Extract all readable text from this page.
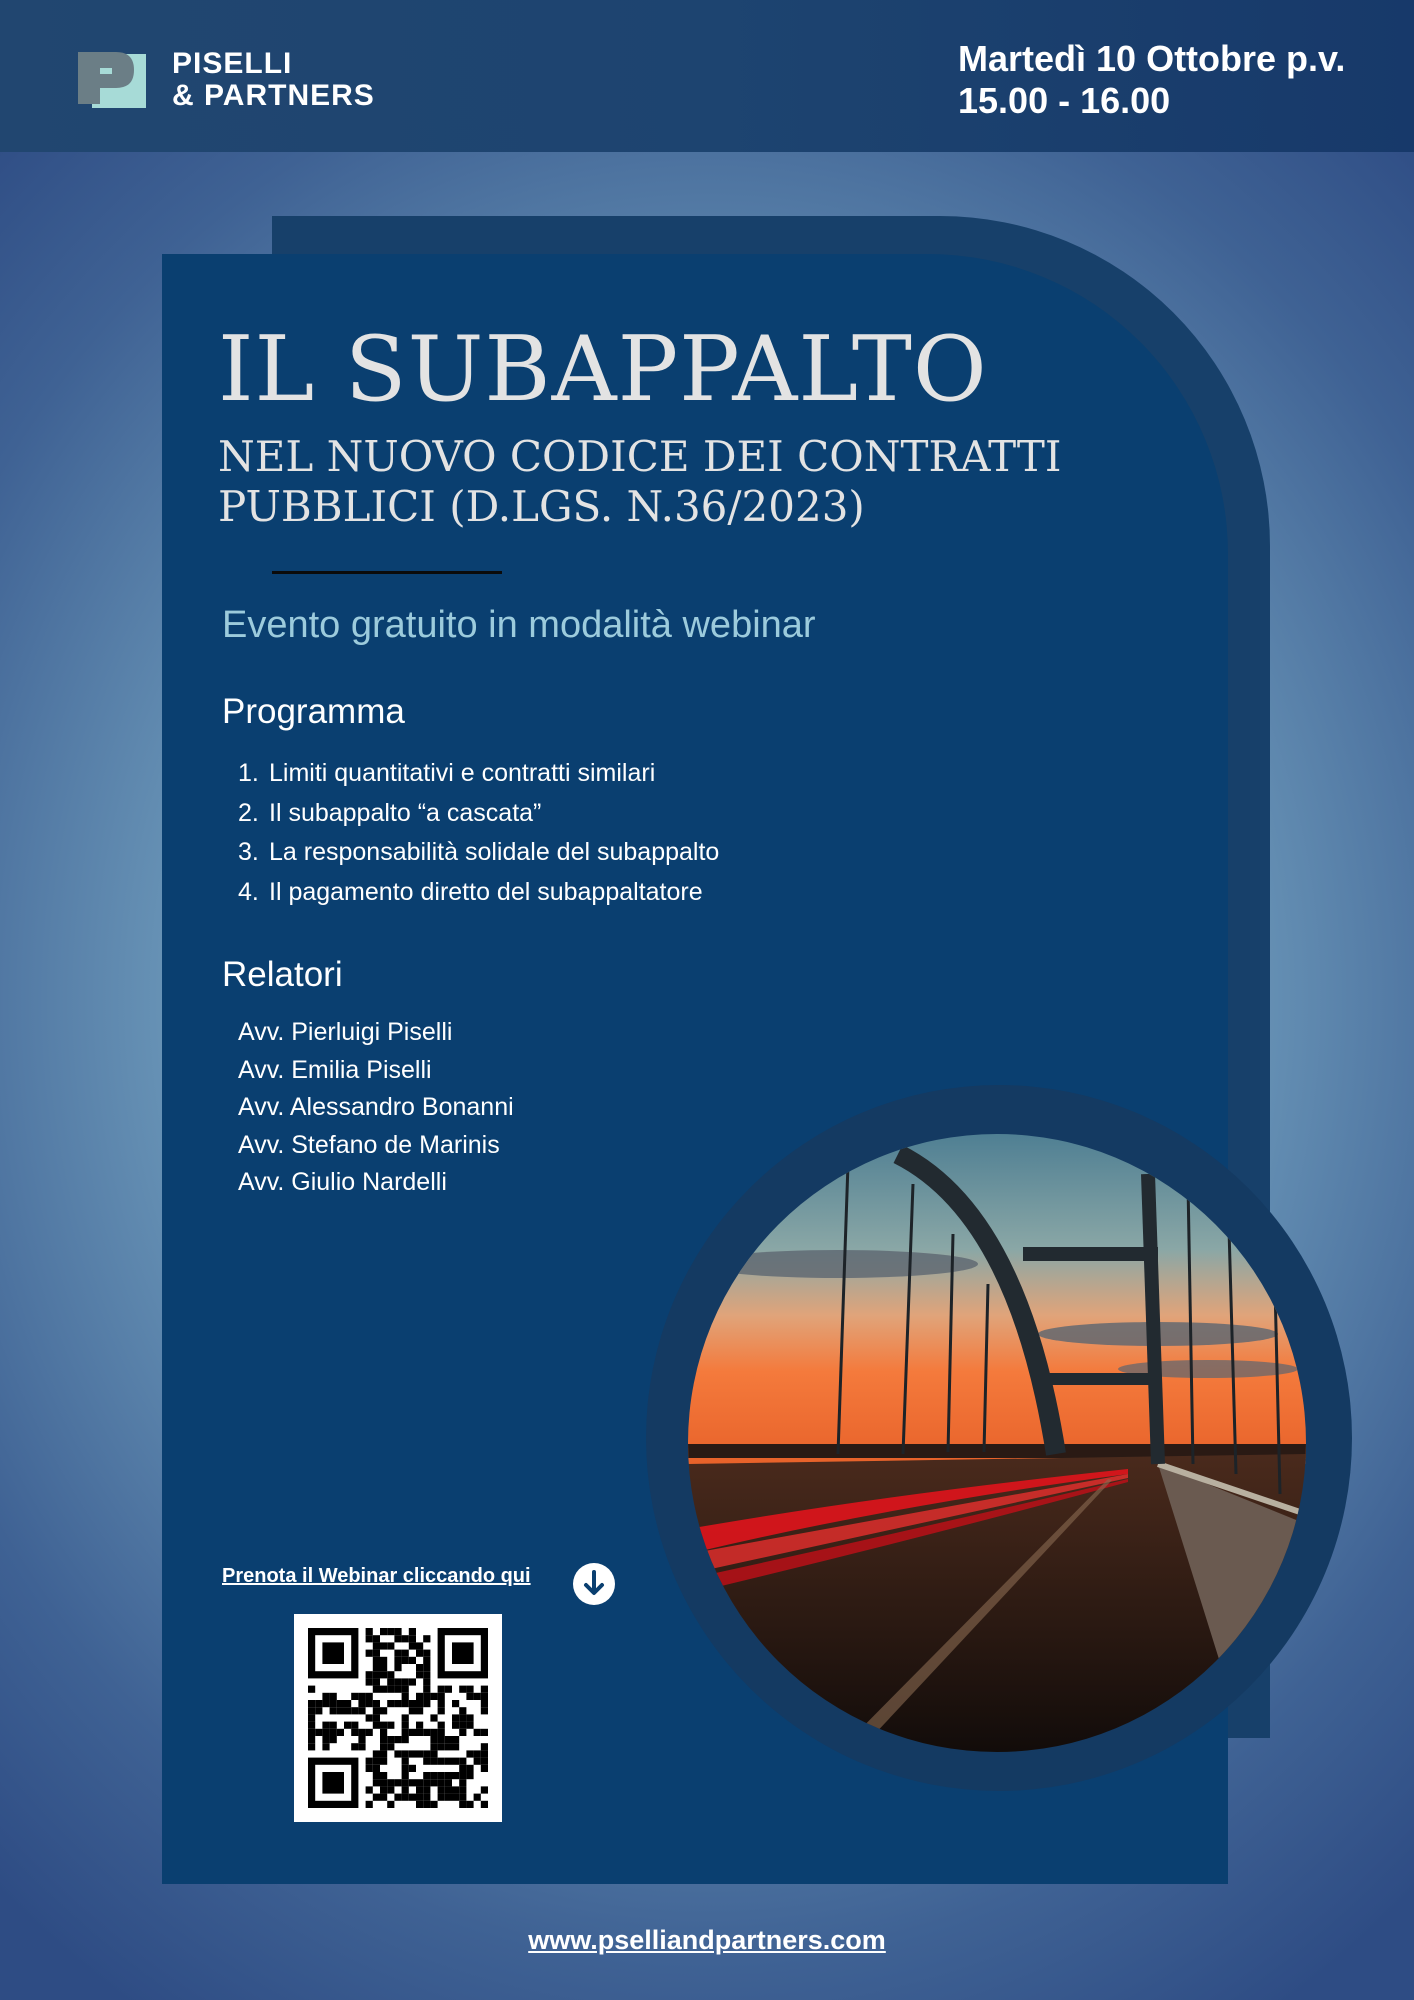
PISELLI
& PARTNERS
Martedì 10 Ottobre p.v.
15.00 - 16.00
IL SUBAPPALTO
NEL NUOVO CODICE DEI CONTRATTI
PUBBLICI (D.LGS. N.36/2023)
Evento gratuito in modalità webinar
Programma
1. Limiti quantitativi e contratti similari
2. Il subappalto “a cascata”
3. La responsabilità solidale del subappalto
4. Il pagamento diretto del subappaltatore
Relatori
Avv. Pierluigi Piselli
Avv. Emilia Piselli
Avv. Alessandro Bonanni
Avv. Stefano de Marinis
Avv. Giulio Nardelli
Prenota il Webinar cliccando qui
www.pselliandpartners.com
